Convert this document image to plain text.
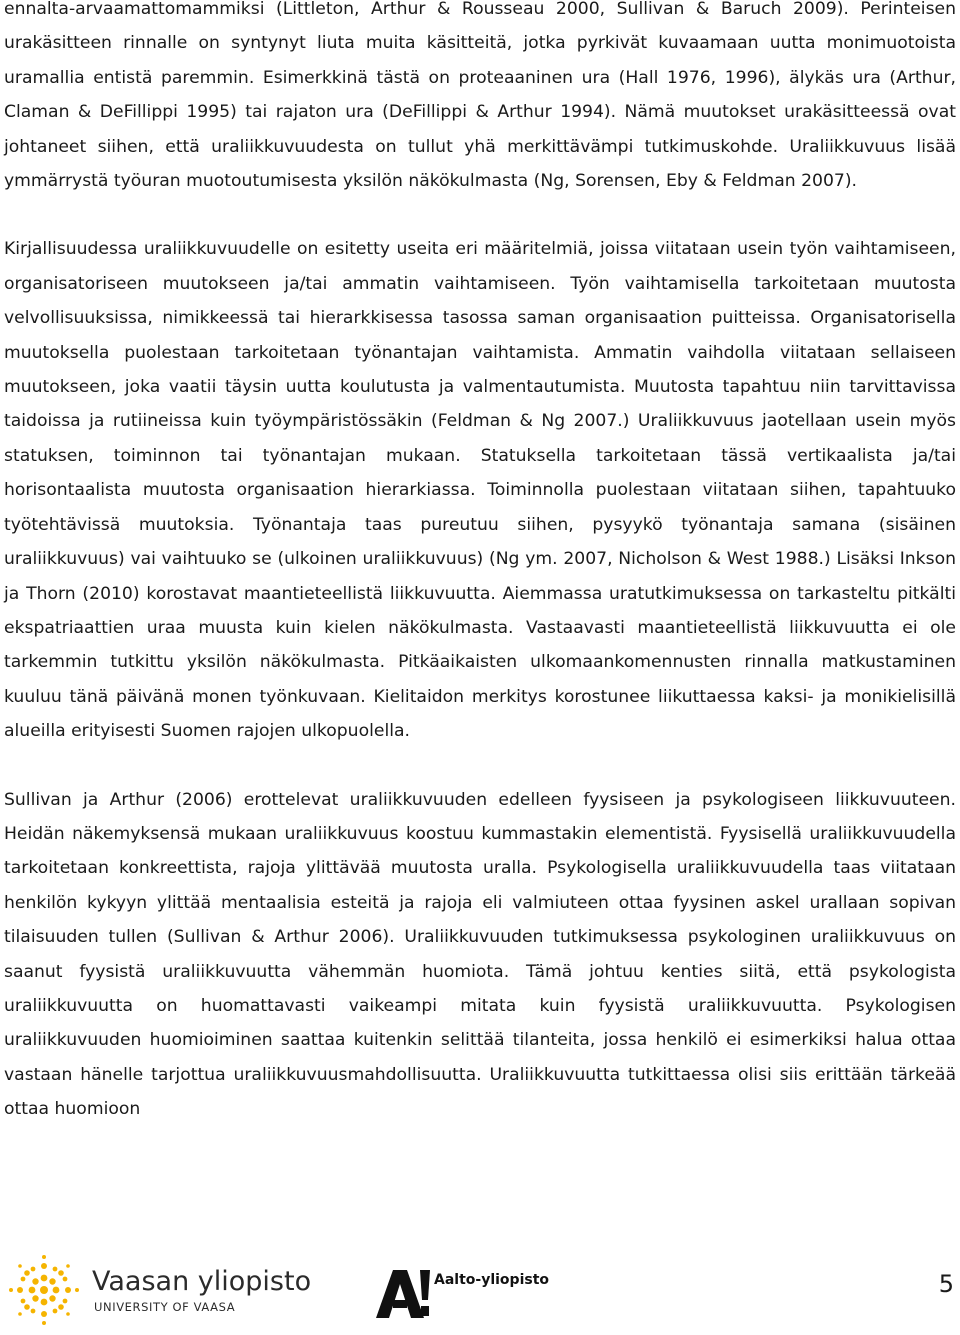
ennalta-arvaamattomammiksi (Littleton, Arthur & Rousseau 2000, Sullivan & Baruch 2009). Perinteisen urakäsitteen rinnalle on syntynyt liuta muita käsitteitä, jotka pyrkivät kuvaamaan uutta monimuotoista uramallia entistä paremmin. Esimerkkinä tästä on proteaaninen ura (Hall 1976, 1996), älykäs ura (Arthur, Claman & DeFillippi 1995) tai rajaton ura (DeFillippi & Arthur 1994). Nämä muutokset urakäsitteessä ovat johtaneet siihen, että uraliikkuvuudesta on tullut yhä merkittävämpi tutkimuskohde. Uraliikkuvuus lisää ymmärrystä työuran muotoutumisesta yksilön näkökulmasta (Ng, Sorensen, Eby & Feldman 2007).

Kirjallisuudessa uraliikkuvuudelle on esitetty useita eri määritelmiä, joissa viitataan usein työn vaihtamiseen, organisatoriseen muutokseen ja/tai ammatin vaihtamiseen. Työn vaihtamisella tarkoitetaan muutosta velvollisuuksissa, nimikkeessä tai hierarkkisessa tasossa saman organisaation puitteissa. Organisatorisella muutoksella puolestaan tarkoitetaan työnantajan vaihtamista. Ammatin vaihdolla viitataan sellaiseen muutokseen, joka vaatii täysin uutta koulutusta ja valmentautumista. Muutosta tapahtuu niin tarvittavissa taidoissa ja rutiineissa kuin työympäristössäkin (Feldman & Ng 2007.) Uraliikkuvuus jaotellaan usein myös statuksen, toiminnon tai työnantajan mukaan. Statuksella tarkoitetaan tässä vertikaalista ja/tai horisontaalista muutosta organisaation hierarkiassa. Toiminnolla puolestaan viitataan siihen, tapahtuuko työtehtävissä muutoksia. Työnantaja taas pureutuu siihen, pysyykö työnantaja samana (sisäinen uraliikkuvuus) vai vaihtuuko se (ulkoinen uraliikkuvuus) (Ng ym. 2007, Nicholson & West 1988.) Lisäksi Inkson ja Thorn (2010) korostavat maantieteellistä liikkuvuutta. Aiemmassa uratutkimuksessa on tarkasteltu pitkälti ekspatriaattien uraa muusta kuin kielen näkökulmasta. Vastaavasti maantieteellistä liikkuvuutta ei ole tarkemmin tutkittu yksilön näkökulmasta. Pitkäaikaisten ulkomaankomennusten rinnalla matkustaminen kuuluu tänä päivänä monen työnkuvaan. Kielitaidon merkitys korostunee liikuttaessa kaksi- ja monikielisillä alueilla erityisesti Suomen rajojen ulkopuolella.

Sullivan ja Arthur (2006) erottelevat uraliikkuvuuden edelleen fyysiseen ja psykologiseen liikkuvuuteen. Heidän näkemyksensä mukaan uraliikkuvuus koostuu kummastakin elementistä. Fyysisellä uraliikkuvuudella tarkoitetaan konkreettista, rajoja ylittävää muutosta uralla. Psykologisella uraliikkuvuudella taas viitataan henkilön kykyyn ylittää mentaalisia esteitä ja rajoja eli valmiuteen ottaa fyysinen askel urallaan sopivan tilaisuuden tullen (Sullivan & Arthur 2006). Uraliikkuvuuden tutkimuksessa psykologinen uraliikkuvuus on saanut fyysistä uraliikkuvuutta vähemmän huomiota. Tämä johtuu kenties siitä, että psykologista uraliikkuvuutta on huomattavasti vaikeampi mitata kuin fyysistä uraliikkuvuutta. Psykologisen uraliikkuvuuden huomioiminen saattaa kuitenkin selittää tilanteita, jossa henkilö ei esimerkiksi halua ottaa vastaan hänelle tarjottua uraliikkuvuusmahdollisuutta. Uraliikkuvuutta tutkittaessa olisi siis erittään tärkeää ottaa huomioon

Vaasan yliopisto
UNIVERSITY OF VAASA
Aalto-yliopisto	5
